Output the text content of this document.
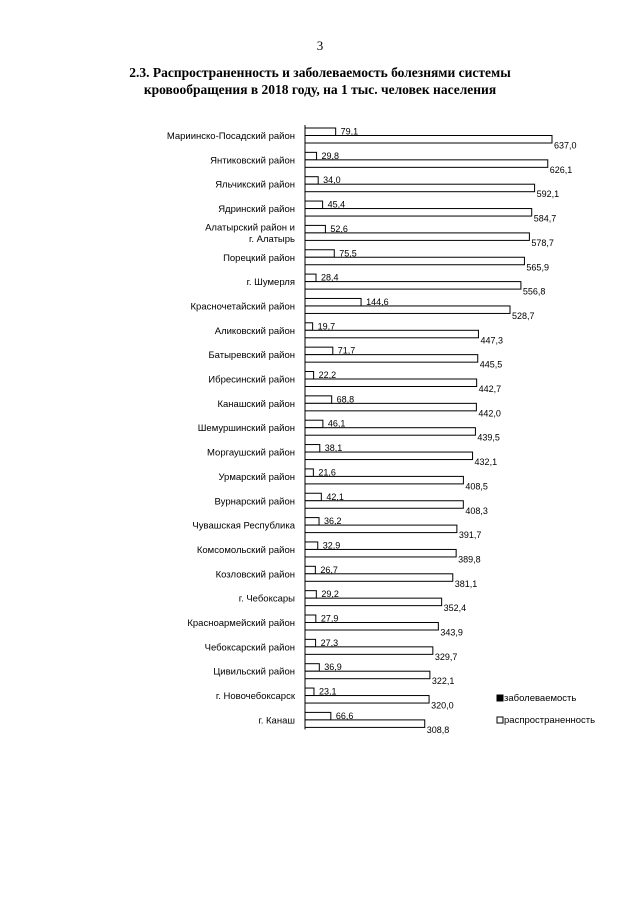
3
2.3. Распространенность и заболеваемость болезнями системы
кровообращения в 2018 году, на 1 тыс. человек населения
79,1
637,0
Мариинско-Посадский район
29,8
626,1
Янтиковский район
34,0
592,1
Яльчикский район
45,4
584,7
Ядринский район
52,6
578,7
Алатырский район и
г. Алатырь
75,5
565,9
Порецкий район
28,4
556,8
г. Шумерля
144,6
528,7
Красночетайский район
19,7
447,3
Аликовский район
71,7
445,5
Батыревский район
22,2
442,7
Ибресинский район
68,8
442,0
Канашский район
46,1
439,5
Шемуршинский район
38,1
432,1
Моргаушский район
21,6
408,5
Урмарский район
42,1
408,3
Вурнарский район
36,2
391,7
Чувашская Республика
32,9
389,8
Комсомольский район
26,7
381,1
Козловский район
29,2
352,4
г. Чебоксары
27,9
343,9
Красноармейский район
27,3
329,7
Чебоксарский район
36,9
322,1
Цивильский район
23,1
320,0
г. Новочебоксарск
66,6
308,8
г. Канаш
заболеваемость
распространенность
